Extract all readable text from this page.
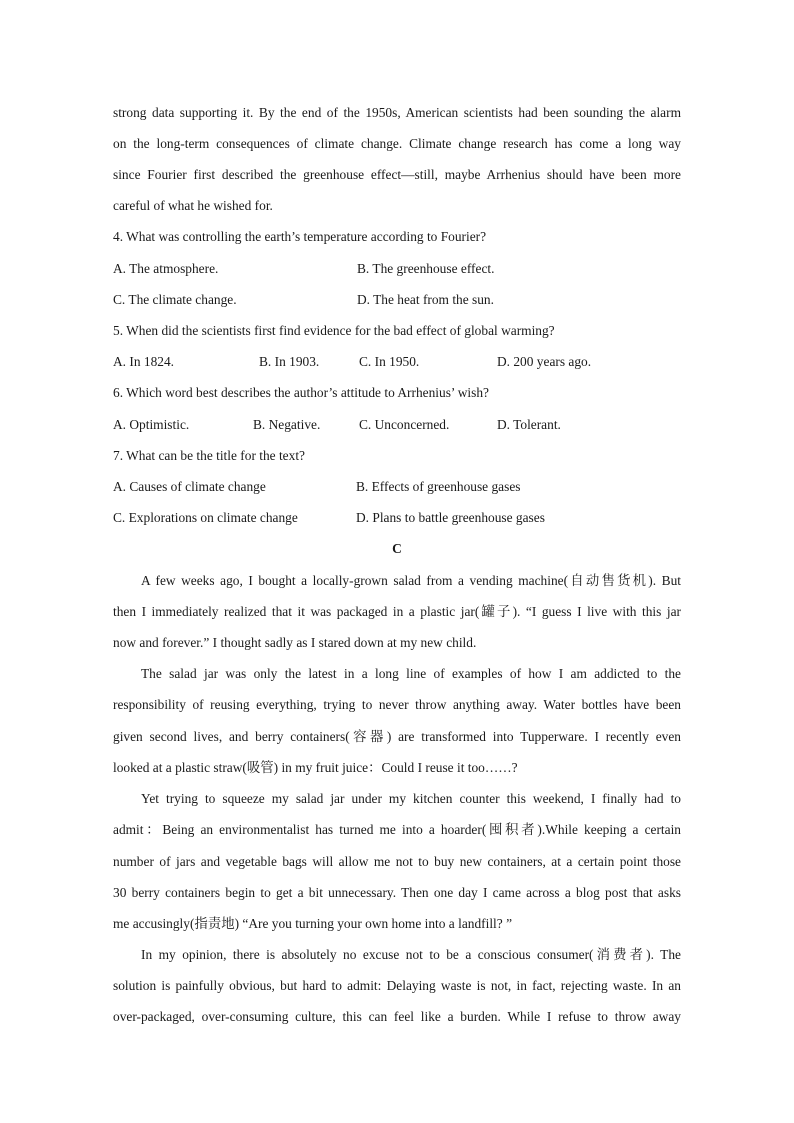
strong data supporting it. By the end of the 1950s, American scientists had been sounding the alarm
on the long-term consequences of climate change. Climate change research has come a long way
since Fourier first described the greenhouse effect—still, maybe Arrhenius should have been more
careful of what he wished for.
4. What was controlling the earth’s temperature according to Fourier?
A. The atmosphere.	B. The greenhouse effect.
C. The climate change.	D. The heat from the sun.
5. When did the scientists first find evidence for the bad effect of global warming?
A. In 1824.	B. In 1903.	C. In 1950.	D. 200 years ago.
6. Which word best describes the author’s attitude to Arrhenius’ wish?
A. Optimistic.	B. Negative.	C. Unconcerned.	D. Tolerant.
7. What can be the title for the text?
A. Causes of climate change	B. Effects of greenhouse gases
C. Explorations on climate change	D. Plans to battle greenhouse gases
C
A few weeks ago, I bought a locally-grown salad from a vending machine(自动售货机). But
then I immediately realized that it was packaged in a plastic jar(罐子). “I guess I live with this jar
now and forever.” I thought sadly as I stared down at my new child.
The salad jar was only the latest in a long line of examples of how I am addicted to the
responsibility of reusing everything, trying to never throw anything away. Water bottles have been
given second lives, and berry containers(容器) are transformed into Tupperware. I recently even
looked at a plastic straw(吸管) in my fruit juice：Could I reuse it too……?
Yet trying to squeeze my salad jar under my kitchen counter this weekend, I finally had to
admit：Being an environmentalist has turned me into a hoarder(囤积者).While keeping a certain
number of jars and vegetable bags will allow me not to buy new containers, at a certain point those
30 berry containers begin to get a bit unnecessary. Then one day I came across a blog post that asks
me accusingly(指责地) “Are you turning your own home into a landfill? ”
In my opinion, there is absolutely no excuse not to be a conscious consumer(消费者). The
solution is painfully obvious, but hard to admit: Delaying waste is not, in fact, rejecting waste. In an
over-packaged, over-consuming culture, this can feel like a burden. While I refuse to throw away
